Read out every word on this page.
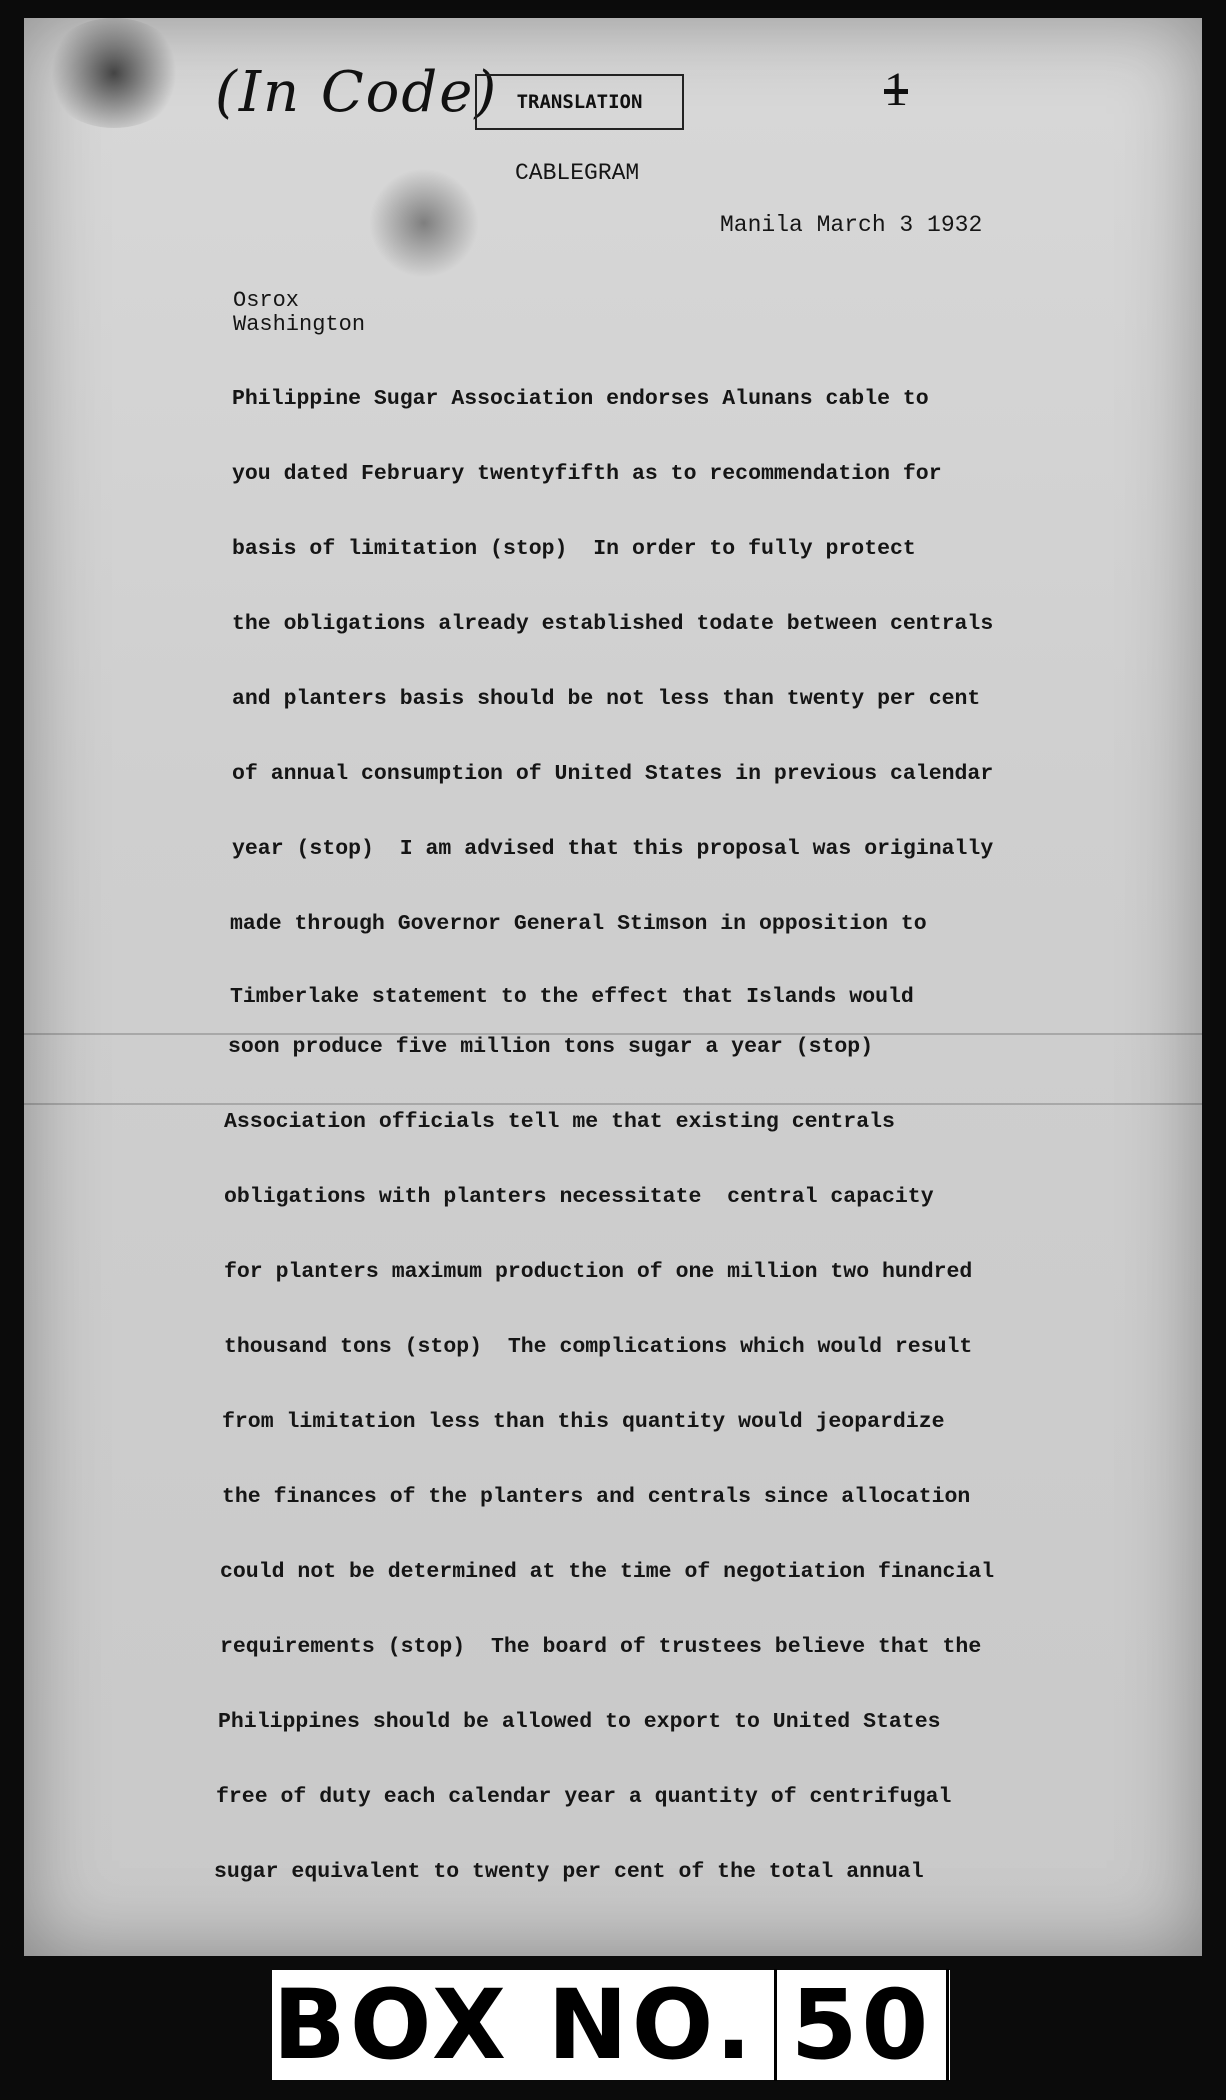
(In Code) TRANSLATION	1
CABLEGRAM
Manila March 3 1932
Osrox
Washington
Philippine Sugar Association endorses Alunans cable to
you dated February twentyfifth as to recommendation for
basis of limitation (stop)  In order to fully protect
the obligations already established todate between centrals
and planters basis should be not less than twenty per cent
of annual consumption of United States in previous calendar
year (stop)  I am advised that this proposal was originally
made through Governor General Stimson in opposition to
Timberlake statement to the effect that Islands would
soon produce five million tons sugar a year (stop)
Association officials tell me that existing centrals
obligations with planters necessitate  central capacity
for planters maximum production of one million two hundred
thousand tons (stop)  The complications which would result
from limitation less than this quantity would jeopardize
the finances of the planters and centrals since allocation
could not be determined at the time of negotiation financial
requirements (stop)  The board of trustees believe that the
Philippines should be allowed to export to United States
free of duty each calendar year a quantity of centrifugal
sugar equivalent to twenty per cent of the total annual
BOX NO. 50
